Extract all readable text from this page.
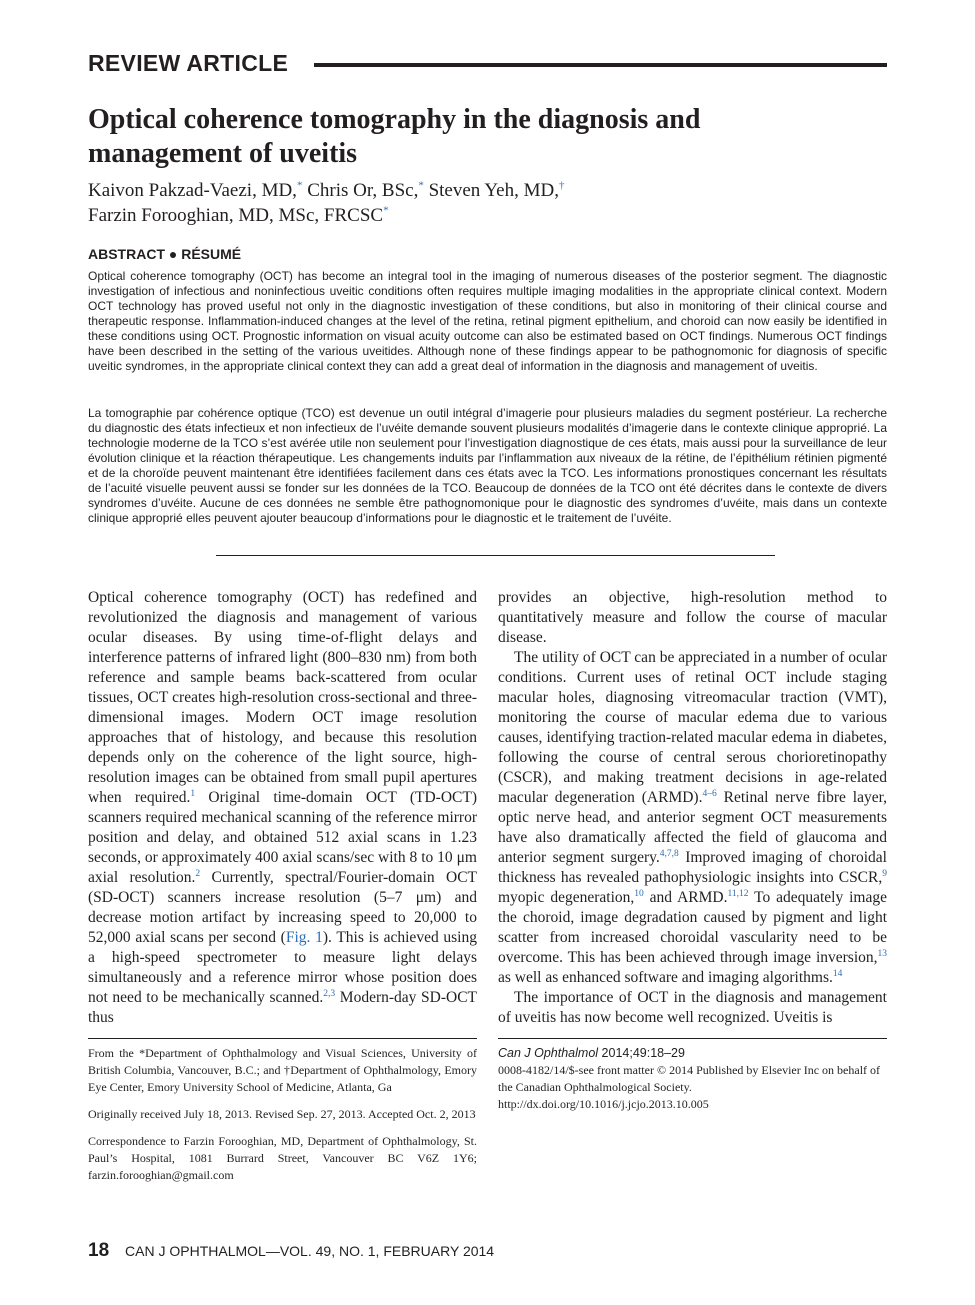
REVIEW ARTICLE
Optical coherence tomography in the diagnosis and management of uveitis
Kaivon Pakzad-Vaezi, MD,* Chris Or, BSc,* Steven Yeh, MD,†
Farzin Forooghian, MD, MSc, FRCSC*
ABSTRACT ● RÉSUMÉ
Optical coherence tomography (OCT) has become an integral tool in the imaging of numerous diseases of the posterior segment. The diagnostic investigation of infectious and noninfectious uveitic conditions often requires multiple imaging modalities in the appropriate clinical context. Modern OCT technology has proved useful not only in the diagnostic investigation of these conditions, but also in monitoring of their clinical course and therapeutic response. Inflammation-induced changes at the level of the retina, retinal pigment epithelium, and choroid can now easily be identified in these conditions using OCT. Prognostic information on visual acuity outcome can also be estimated based on OCT findings. Numerous OCT findings have been described in the setting of the various uveitides. Although none of these findings appear to be pathognomonic for diagnosis of specific uveitic syndromes, in the appropriate clinical context they can add a great deal of information in the diagnosis and management of uveitis.
La tomographie par cohérence optique (TCO) est devenue un outil intégral d’imagerie pour plusieurs maladies du segment postérieur. La recherche du diagnostic des états infectieux et non infectieux de l’uvéite demande souvent plusieurs modalités d’imagerie dans le contexte clinique approprié. La technologie moderne de la TCO s’est avérée utile non seulement pour l’investigation diagnostique de ces états, mais aussi pour la surveillance de leur évolution clinique et la réaction thérapeutique. Les changements induits par l’inflammation aux niveaux de la rétine, de l’épithélium rétinien pigmenté et de la choroïde peuvent maintenant être identifiées facilement dans ces états avec la TCO. Les informations pronostiques concernant les résultats de l’acuité visuelle peuvent aussi se fonder sur les données de la TCO. Beaucoup de données de la TCO ont été décrites dans le contexte de divers syndromes d’uvéite. Aucune de ces données ne semble être pathognomonique pour le diagnostic des syndromes d’uvéite, mais dans un contexte clinique approprié elles peuvent ajouter beaucoup d’informations pour le diagnostic et le traitement de l’uvéite.

Optical coherence tomography (OCT) has redefined and revolutionized the diagnosis and management of various ocular diseases. By using time-of-flight delays and interference patterns of infrared light (800–830 nm) from both reference and sample beams back-scattered from ocular tissues, OCT creates high-resolution cross-sectional and three-dimensional images. Modern OCT image resolution approaches that of histology, and because this resolution depends only on the coherence of the light source, high-resolution images can be obtained from small pupil apertures when required.$^1$ Original time-domain OCT (TD-OCT) scanners required mechanical scanning of the reference mirror position and delay, and obtained 512 axial scans in 1.23 seconds, or approximately 400 axial scans/sec with 8 to 10 μm axial resolution.$^2$ Currently, spectral/Fourier-domain OCT (SD-OCT) scanners increase resolution (5–7 μm) and decrease motion artifact by increasing speed to 20,000 to 52,000 axial scans per second (Fig. 1). This is achieved using a high-speed spectrometer to measure light delays simultaneously and a reference mirror whose position does not need to be mechanically scanned.$^{2,3}$ Modern-day SD-OCT thus

provides an objective, high-resolution method to quantitatively measure and follow the course of macular disease.

The utility of OCT can be appreciated in a number of ocular conditions. Current uses of retinal OCT include staging macular holes, diagnosing vitreomacular traction (VMT), monitoring the course of macular edema due to various causes, identifying traction-related macular edema in diabetes, following the course of central serous chorioretinopathy (CSCR), and making treatment decisions in age-related macular degeneration (ARMD).$^{4-6}$ Retinal nerve fibre layer, optic nerve head, and anterior segment OCT measurements have also dramatically affected the field of glaucoma and anterior segment surgery.$^{4,7,8}$ Improved imaging of choroidal thickness has revealed pathophysiologic insights into CSCR,$^9$ myopic degeneration,$^{10}$ and ARMD.$^{11,12}$ To adequately image the choroid, image degradation caused by pigment and light scatter from increased choroidal vascularity need to be overcome. This has been achieved through image inversion,$^{13}$ as well as enhanced software and imaging algorithms.$^{14}$

The importance of OCT in the diagnosis and management of uveitis has now become well recognized. Uveitis is

From the *Department of Ophthalmology and Visual Sciences, University of British Columbia, Vancouver, B.C.; and †Department of Ophthalmology, Emory Eye Center, Emory University School of Medicine, Atlanta, Ga

Originally received July 18, 2013. Revised Sep. 27, 2013. Accepted Oct. 2, 2013

Correspondence to Farzin Forooghian, MD, Department of Ophthalmology, St. Paul’s Hospital, 1081 Burrard Street, Vancouver BC V6Z 1Y6; farzin.forooghian@gmail.com

Can J Ophthalmol 2014;49:18–29

0008-4182/14/$-see front matter © 2014 Published by Elsevier Inc on behalf of the Canadian Ophthalmological Society.

http://dx.doi.org/10.1016/j.jcjo.2013.10.005

18 CAN J OPHTHALMOL—VOL. 49, NO. 1, FEBRUARY 2014
